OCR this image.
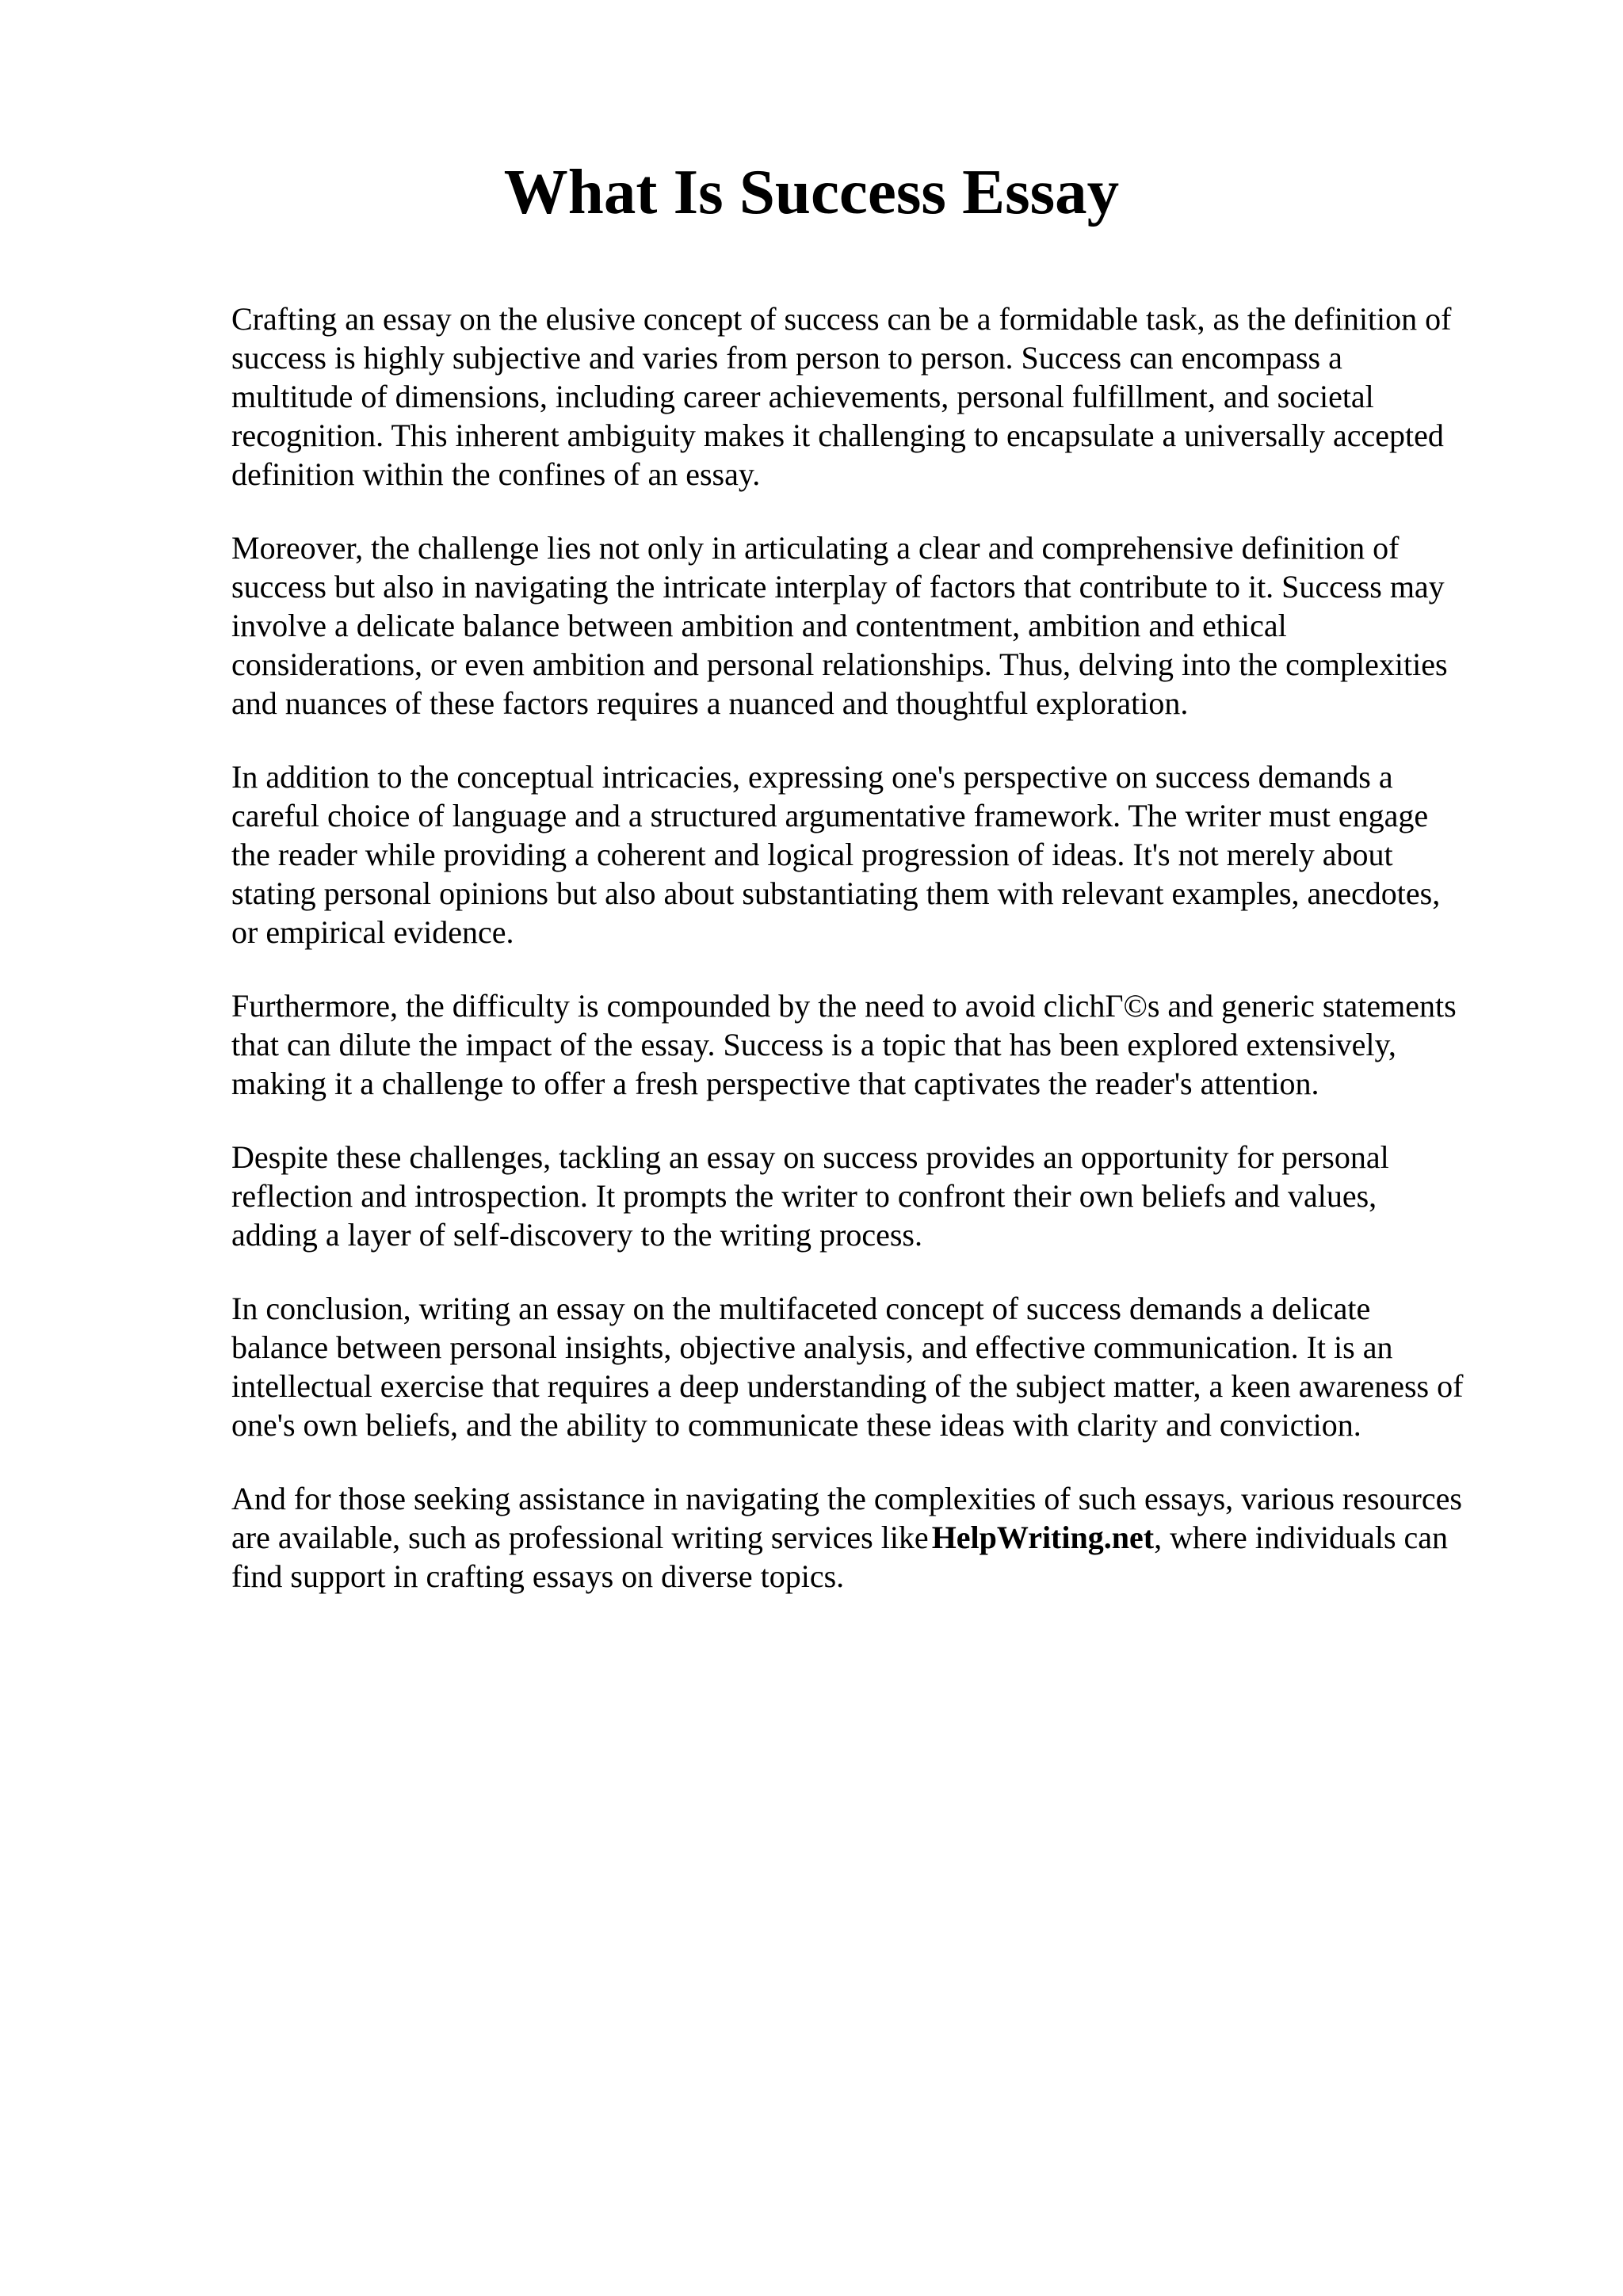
What Is Success Essay

Crafting an essay on the elusive concept of success can be a formidable task, as the definition of
success is highly subjective and varies from person to person. Success can encompass a
multitude of dimensions, including career achievements, personal fulfillment, and societal
recognition. This inherent ambiguity makes it challenging to encapsulate a universally accepted
definition within the confines of an essay.

Moreover, the challenge lies not only in articulating a clear and comprehensive definition of
success but also in navigating the intricate interplay of factors that contribute to it. Success may
involve a delicate balance between ambition and contentment, ambition and ethical
considerations, or even ambition and personal relationships. Thus, delving into the complexities
and nuances of these factors requires a nuanced and thoughtful exploration.

In addition to the conceptual intricacies, expressing one's perspective on success demands a
careful choice of language and a structured argumentative framework. The writer must engage
the reader while providing a coherent and logical progression of ideas. It's not merely about
stating personal opinions but also about substantiating them with relevant examples, anecdotes,
or empirical evidence.

Furthermore, the difficulty is compounded by the need to avoid clichГ©s and generic statements
that can dilute the impact of the essay. Success is a topic that has been explored extensively,
making it a challenge to offer a fresh perspective that captivates the reader's attention.

Despite these challenges, tackling an essay on success provides an opportunity for personal
reflection and introspection. It prompts the writer to confront their own beliefs and values,
adding a layer of self-discovery to the writing process.

In conclusion, writing an essay on the multifaceted concept of success demands a delicate
balance between personal insights, objective analysis, and effective communication. It is an
intellectual exercise that requires a deep understanding of the subject matter, a keen awareness of
one's own beliefs, and the ability to communicate these ideas with clarity and conviction.

And for those seeking assistance in navigating the complexities of such essays, various resources
are available, such as professional writing services like HelpWriting.net, where individuals can
find support in crafting essays on diverse topics.
